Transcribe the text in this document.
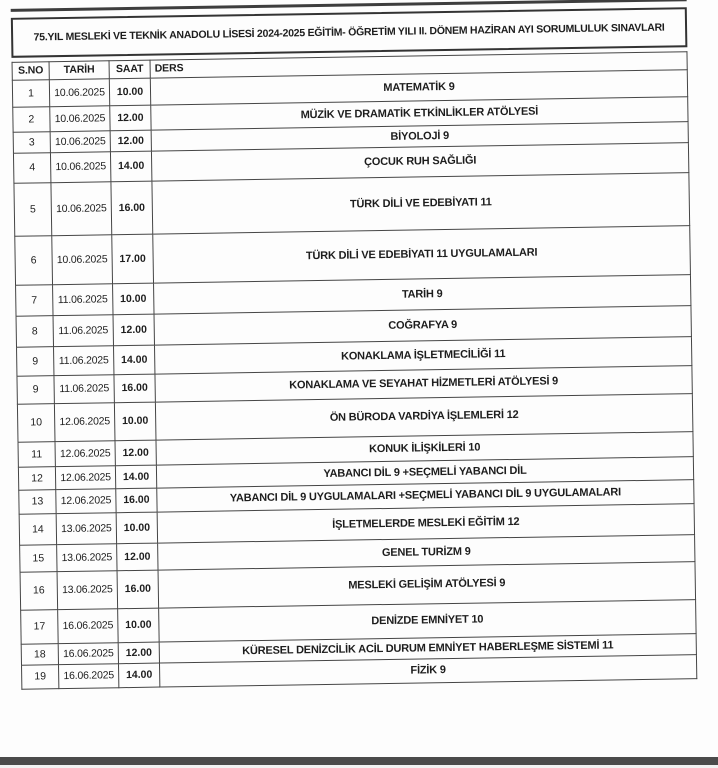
75.YIL MESLEKİ VE TEKNİK ANADOLU LİSESİ 2024-2025 EĞİTİM- ÖĞRETİM YILI II. DÖNEM HAZİRAN AYI SORUMLULUK SINAVLARI
S.NO	TARİH	SAAT	DERS
1	10.06.2025	10.00	MATEMATİK 9
2	10.06.2025	12.00	MÜZİK VE DRAMATİK ETKİNLİKLER ATÖLYESİ
3	10.06.2025	12.00	BİYOLOJİ 9
4	10.06.2025	14.00	ÇOCUK RUH SAĞLIĞI
5	10.06.2025	16.00	TÜRK DİLİ VE EDEBİYATI 11
6	10.06.2025	17.00	TÜRK DİLİ VE EDEBİYATI 11 UYGULAMALARI
7	11.06.2025	10.00	TARİH 9
8	11.06.2025	12.00	COĞRAFYA 9
9	11.06.2025	14.00	KONAKLAMA İŞLETMECİLİĞİ 11
9	11.06.2025	16.00	KONAKLAMA VE SEYAHAT HİZMETLERİ ATÖLYESİ 9
10	12.06.2025	10.00	ÖN BÜRODA VARDİYA İŞLEMLERİ 12
11	12.06.2025	12.00	KONUK İLİŞKİLERİ 10
12	12.06.2025	14.00	YABANCI DİL 9 +SEÇMELİ YABANCI DİL
13	12.06.2025	16.00	YABANCI DİL 9 UYGULAMALARI +SEÇMELİ YABANCI DİL 9 UYGULAMALARI
14	13.06.2025	10.00	İŞLETMELERDE MESLEKİ EĞİTİM 12
15	13.06.2025	12.00	GENEL TURİZM 9
16	13.06.2025	16.00	MESLEKİ GELİŞİM ATÖLYESİ 9
17	16.06.2025	10.00	DENİZDE EMNİYET 10
18	16.06.2025	12.00	KÜRESEL DENİZCİLİK ACİL DURUM EMNİYET HABERLEŞME SİSTEMİ 11
19	16.06.2025	14.00	FİZİK 9
